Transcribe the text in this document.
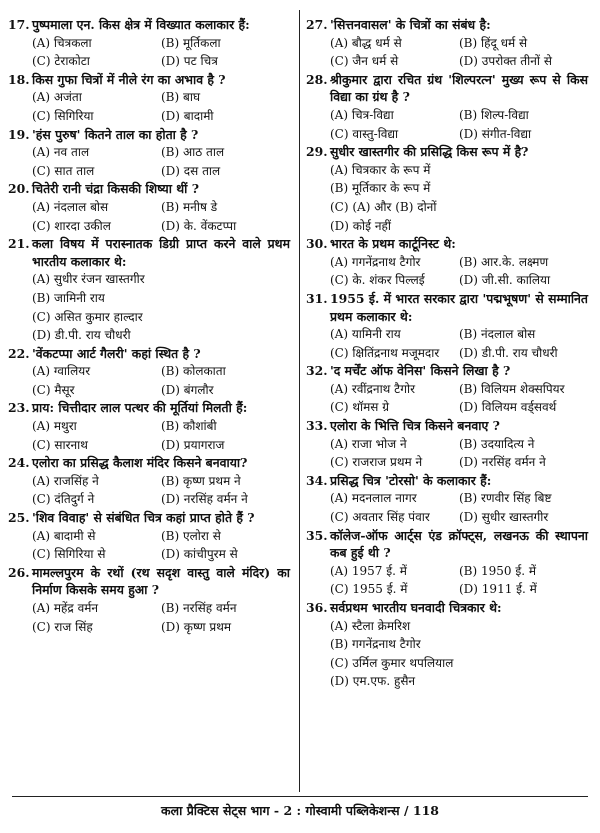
17. पुष्पमाला एन. किस क्षेत्र में विख्यात कलाकार हैं:
(A) चित्रकला	(B) मूर्तिकला
(C) टेराकोटा	(D) पट चित्र
18. किस गुफा चित्रों में नीले रंग का अभाव है ?
(A) अजंता	(B) बाघ
(C) सिगिरिया	(D) बादामी
19. 'हंस पुरुष' कितने ताल का होता है ?
(A) नव ताल	(B) आठ ताल
(C) सात ताल	(D) दस ताल
20. चितेरी रानी चंद्रा किसकी शिष्या थीं ?
(A) नंदलाल बोस	(B) मनीष डे
(C) शारदा उकील	(D) के. वेंकटप्पा
21. कला विषय में परास्नातक डिग्री प्राप्त करने वाले प्रथम भारतीय कलाकार थे:
(A) सुधीर रंजन खास्तगीर
(B) जामिनी राय
(C) असित कुमार हाल्दार
(D) डी.पी. राय चौधरी
22. 'वेंकटप्पा आर्ट गैलरी' कहां स्थित है ?
(A) ग्वालियर	(B) कोलकाता
(C) मैसूर	(D) बंगलौर
23. प्राय: चित्तीदार लाल पत्थर की मूर्तियां मिलती हैं:
(A) मथुरा	(B) कौशांबी
(C) सारनाथ	(D) प्रयागराज
24. एलोरा का प्रसिद्ध कैलाश मंदिर किसने बनवाया?
(A) राजसिंह ने	(B) कृष्ण प्रथम ने
(C) दंतिदुर्ग ने	(D) नरसिंह वर्मन ने
25. 'शिव विवाह' से संबंधित चित्र कहां प्राप्त होते हैं ?
(A) बादामी से	(B) एलोरा से
(C) सिगिरिया से	(D) कांचीपुरम से
26. मामल्लपुरम के रथों (रथ सदृश वास्तु वाले मंदिर) का निर्माण किसके समय हुआ ?
(A) महेंद्र वर्मन	(B) नरसिंह वर्मन
(C) राज सिंह	(D) कृष्ण प्रथम
27. 'सित्तनवासल' के चित्रों का संबंध है:
(A) बौद्ध धर्म से	(B) हिंदू धर्म से
(C) जैन धर्म से	(D) उपरोक्त तीनों से
28. श्रीकुमार द्वारा रचित ग्रंथ 'शिल्परत्न' मुख्य रूप से किस विद्या का ग्रंथ है ?
(A) चित्र-विद्या	(B) शिल्प-विद्या
(C) वास्तु-विद्या	(D) संगीत-विद्या
29. सुधीर खास्तगीर की प्रसिद्धि किस रूप में है?
(A) चित्रकार के रूप में
(B) मूर्तिकार के रूप में
(C) (A) और (B) दोनों
(D) कोई नहीं
30. भारत के प्रथम कार्टूनिस्ट थे:
(A) गगनेंद्रनाथ टैगोर	(B) आर.के. लक्ष्मण
(C) के. शंकर पिल्लई	(D) जी.सी. कालिया
31. 1955 ई. में भारत सरकार द्वारा 'पद्मभूषण' से सम्मानित प्रथम कलाकार थे:
(A) यामिनी राय	(B) नंदलाल बोस
(C) क्षितिंद्रनाथ मजूमदार	(D) डी.पी. राय चौधरी
32. 'द मर्चेंट ऑफ वेनिस' किसने लिखा है ?
(A) रवींद्रनाथ टैगोर	(B) विलियम शेक्सपियर
(C) थॉमस ग्रे	(D) विलियम वर्ड्सवर्थ
33. एलोरा के भित्ति चित्र किसने बनवाए ?
(A) राजा भोज ने	(B) उदयादित्य ने
(C) राजराज प्रथम ने	(D) नरसिंह वर्मन ने
34. प्रसिद्ध चित्र 'टोरसो' के कलाकार हैं:
(A) मदनलाल नागर	(B) रणवीर सिंह बिष्ट
(C) अवतार सिंह पंवार	(D) सुधीर खास्तगीर
35. कॉलेज-ऑफ आर्ट्स एंड क्रॉफ्ट्स, लखनऊ की स्थापना कब हुई थी ?
(A) 1957 ई. में	(B) 1950 ई. में
(C) 1955 ई. में	(D) 1911 ई. में
36. सर्वप्रथम भारतीय घनवादी चित्रकार थे:
(A) स्टैला क्रेमरिश
(B) गगनेंद्रनाथ टैगोर
(C) उर्मिल कुमार थपलियाल
(D) एम.एफ. हुसैन
कला प्रैक्टिस सेट्स भाग - 2 : गोस्वामी पब्लिकेशन्स / 118
